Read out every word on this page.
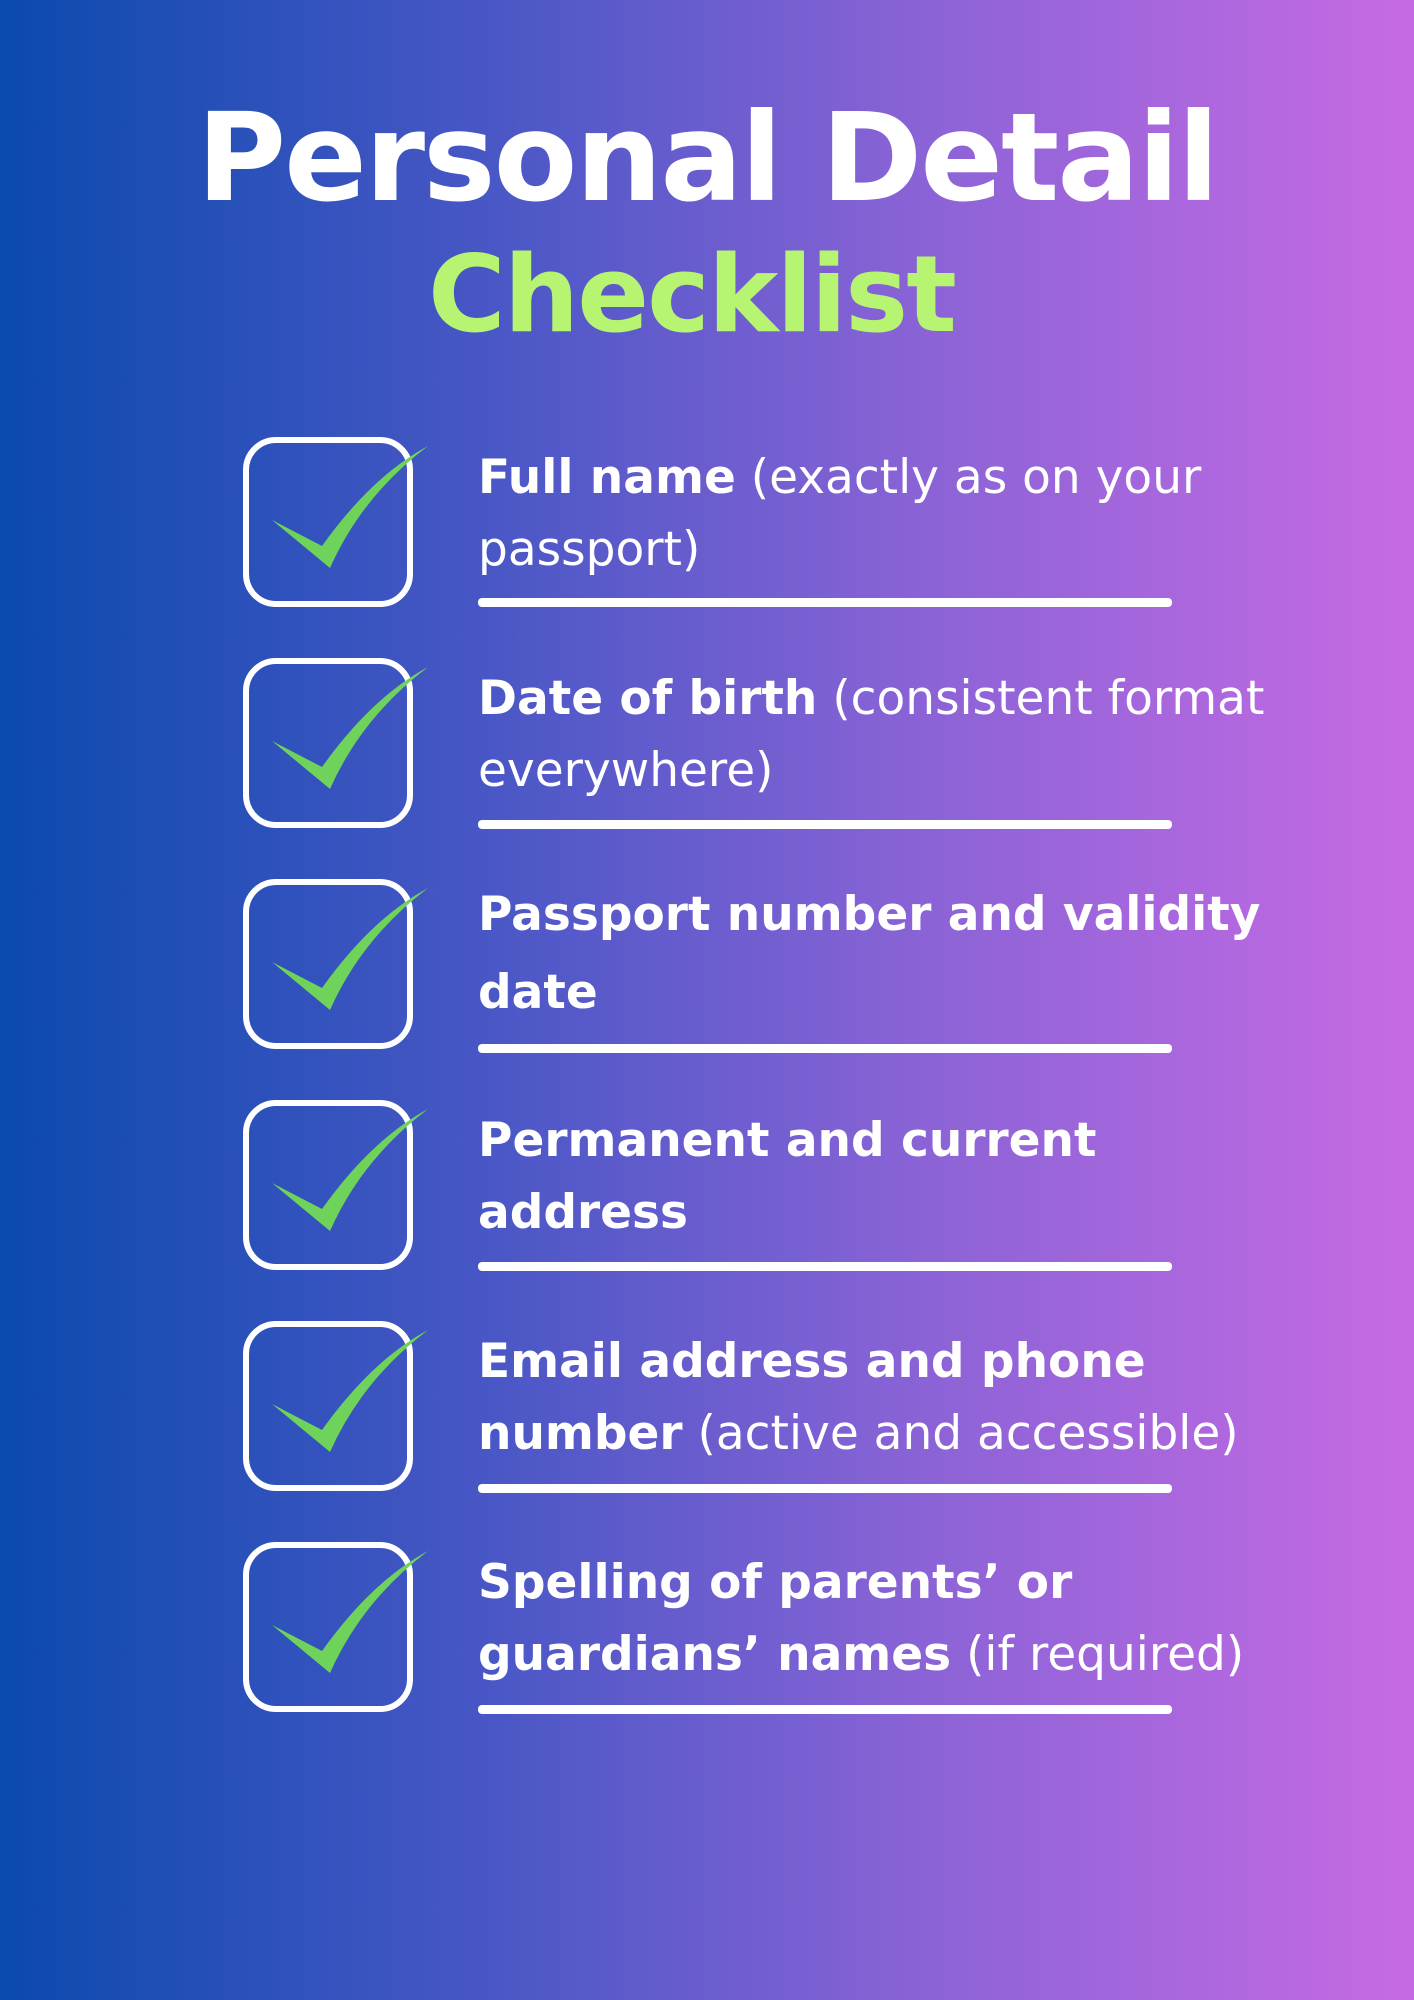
Personal Detail
Checklist
Full name (exactly as on your passport)
Date of birth (consistent format everywhere)
Passport number and validity date
Permanent and current address
Email address and phone number (active and accessible)
Spelling of parents’ or guardians’ names (if required)
